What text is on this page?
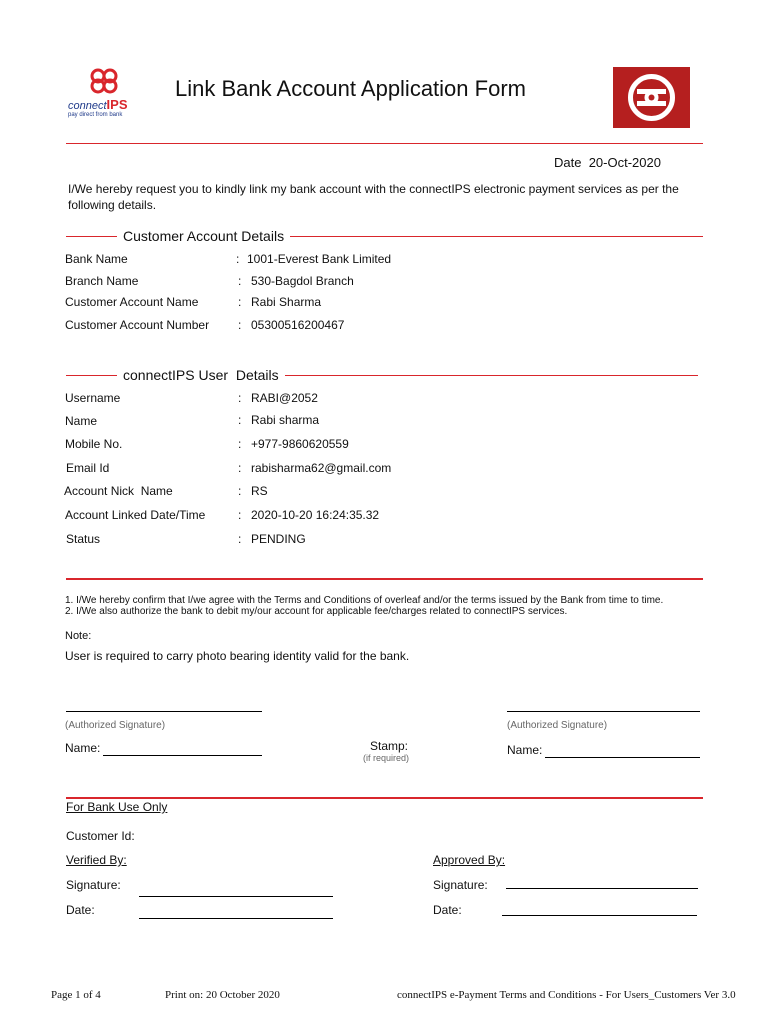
connectIPS
pay direct from bank
Link Bank Account Application Form
Date 20-Oct-2020
I/We hereby request you to kindly link my bank account with the connectIPS electronic payment services as per the following details.
Customer Account Details
Bank Name	: 1001-Everest Bank Limited
Branch Name	: 530-Bagdol Branch
Customer Account Name	: Rabi Sharma
Customer Account Number : 05300516200467
connectIPS User  Details
Username	: RABI@2052
Name	: Rabi sharma
Mobile No.	: +977-9860620559
Email Id	: rabisharma62@gmail.com
Account Nick  Name	: RS
Account Linked Date/Time	: 2020-10-20 16:24:35.32
Status	: PENDING
1. I/We hereby confirm that I/we agree with the Terms and Conditions of overleaf and/or the terms issued by the Bank from time to time.
2. I/We also authorize the bank to debit my/our account for applicable fee/charges related to connectIPS services.
Note:
User is required to carry photo bearing identity valid for the bank.
(Authorized Signature)
Name:	Stamp:
(if required)
(Authorized Signature)
Name:
For Bank Use Only
Customer Id:
Verified By:	Approved By:
Signature:	Signature:
Date:	Date:
Page 1 of 4	Print on: 20 October 2020	connectIPS e-Payment Terms and Conditions - For Users_Customers Ver 3.0
